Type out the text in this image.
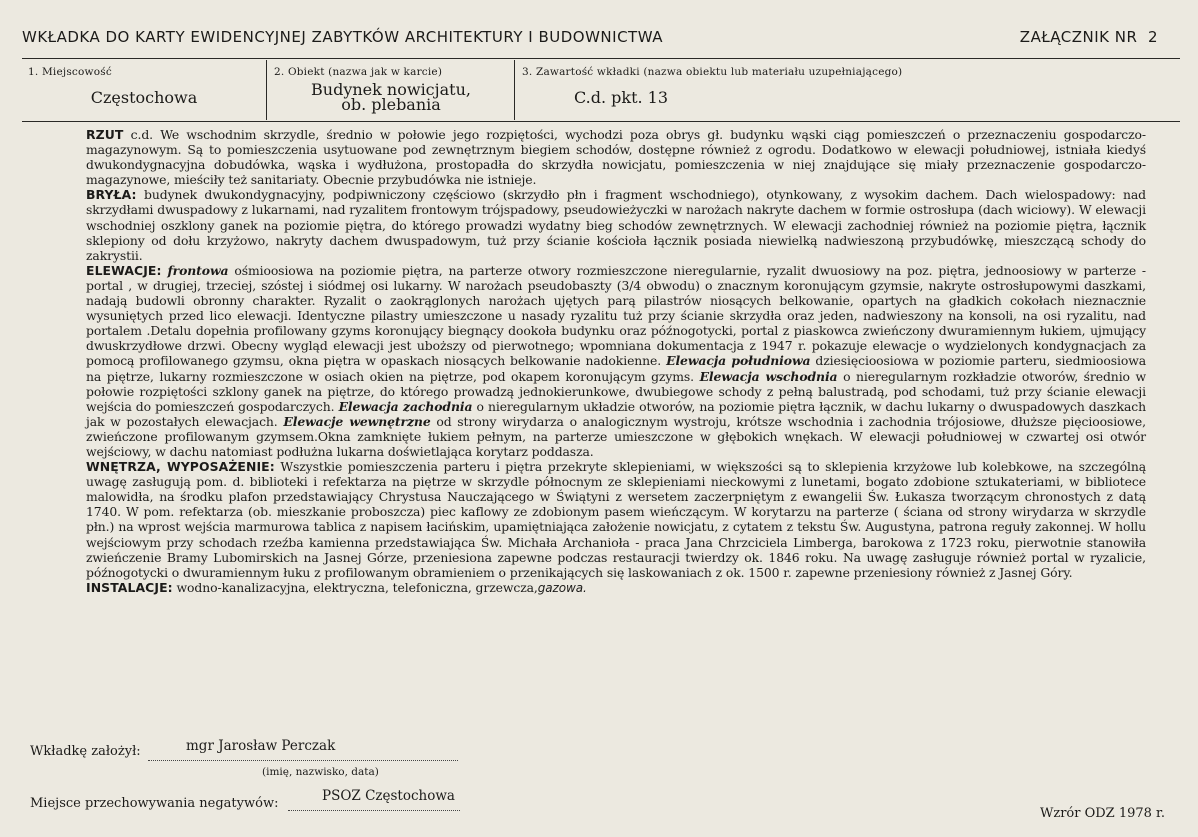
WKŁADKA DO KARTY EWIDENCYJNEJ ZABYTKÓW ARCHITEKTURY I BUDOWNICTWA	ZAŁĄCZNIK NR 2
1. Miejscowość
Częstochowa
2. Obiekt (nazwa jak w karcie)
Budynek nowicjatu,
ob. plebania
3. Zawartość wkładki (nazwa obiektu lub materiału uzupełniającego)
C.d. pkt. 13

RZUT c.d. We wschodnim skrzydle, średnio w połowie jego rozpiętości, wychodzi poza obrys gł. budynku wąski ciąg pomieszczeń o przeznaczeniu gospodarczo-magazynowym. Są to pomieszczenia usytuowane pod zewnętrznym biegiem schodów, dostępne również z ogrodu. Dodatkowo w elewacji południowej, istniała kiedyś dwukondygnacyjna dobudówka, wąska i wydłużona, prostopadła do skrzydła nowicjatu, pomieszczenia w niej znajdujące się miały przeznaczenie gospodarczo-magazynowe, mieściły też sanitariaty. Obecnie przybudówka nie istnieje.

BRYŁA: budynek dwukondygnacyjny, podpiwniczony częściowo (skrzydło płn i fragment wschodniego), otynkowany, z wysokim dachem. Dach wielospadowy: nad skrzydłami dwuspadowy z lukarnami, nad ryzalitem frontowym trójspadowy, pseudowieżyczki w narożach nakryte dachem w formie ostrosłupa (dach wiciowy). W elewacji wschodniej oszklony ganek na poziomie piętra, do którego prowadzi wydatny bieg schodów zewnętrznych. W elewacji zachodniej również na poziomie piętra, łącznik sklepiony od dołu krzyżowo, nakryty dachem dwuspadowym, tuż przy ścianie kościoła łącznik posiada niewielką nadwieszoną przybudówkę, mieszczącą schody do zakrystii.

ELEWACJE: frontowa ośmioosiowa na poziomie piętra, na parterze otwory rozmieszczone nieregularnie, ryzalit dwuosiowy na poz. piętra, jednoosiowy w parterze - portal , w drugiej, trzeciej, szóstej i siódmej osi lukarny. W narożach pseudobaszty (3/4 obwodu) o znacznym koronującym gzymsie, nakryte ostrosłupowymi daszkami, nadają budowli obronny charakter. Ryzalit o zaokrąglonych narożach ujętych parą pilastrów niosących belkowanie, opartych na gładkich cokołach nieznacznie wysuniętych przed lico elewacji. Identyczne pilastry umieszczone u nasady ryzalitu tuż przy ścianie skrzydła oraz jeden, nadwieszony na konsoli, na osi ryzalitu, nad portalem .Detalu dopełnia profilowany gzyms koronujący biegnący dookoła budynku oraz późnogotycki, portal z piaskowca zwieńczony dwuramiennym łukiem, ujmujący dwuskrzydłowe drzwi. Obecny wygląd elewacji jest uboższy od pierwotnego; wpomniana dokumentacja z 1947 r. pokazuje elewacje o wydzielonych kondygnacjach za pomocą profilowanego gzymsu, okna piętra w opaskach niosących belkowanie nadokienne. Elewacja południowa dziesięcioosiowa w poziomie parteru, siedmioosiowa na piętrze, lukarny rozmieszczone w osiach okien na piętrze, pod okapem koronującym gzyms. Elewacja wschodnia o nieregularnym rozkładzie otworów, średnio w połowie rozpiętości szklony ganek na piętrze, do którego prowadzą jednokierunkowe, dwubiegowe schody z pełną balustradą, pod schodami, tuż przy ścianie elewacji wejścia do pomieszczeń gospodarczych. Elewacja zachodnia o nieregularnym układzie otworów, na poziomie piętra łącznik, w dachu lukarny o dwuspadowych daszkach jak w pozostałych elewacjach. Elewacje wewnętrzne od strony wirydarza o analogicznym wystroju, krótsze wschodnia i zachodnia trójosiowe, dłuższe pięcioosiowe, zwieńczone profilowanym gzymsem.Okna zamknięte łukiem pełnym, na parterze umieszczone w głębokich wnękach. W elewacji południowej w czwartej osi otwór wejściowy, w dachu natomiast podłużna lukarna doświetlająca korytarz poddasza.

WNĘTRZA, WYPOSAŻENIE: Wszystkie pomieszczenia parteru i piętra przekryte sklepieniami, w większości są to sklepienia krzyżowe lub kolebkowe, na szczególną uwagę zasługują pom. d. biblioteki i refektarza na piętrze w skrzydle północnym ze sklepieniami nieckowymi z lunetami, bogato zdobione sztukateriami, w bibliotece malowidła, na środku plafon przedstawiający Chrystusa Nauczającego w Świątyni z wersetem zaczerpniętym z ewangelii Św. Łukasza tworzącym chronostych z datą 1740. W pom. refektarza (ob. mieszkanie proboszcza) piec kaflowy ze zdobionym pasem wieńczącym. W korytarzu na parterze ( ściana od strony wirydarza w skrzydle płn.) na wprost wejścia marmurowa tablica z napisem łacińskim, upamiętniająca założenie nowicjatu, z cytatem z tekstu Św. Augustyna, patrona reguły zakonnej. W hollu wejściowym przy schodach rzeźba kamienna przedstawiająca Św. Michała Archanioła - praca Jana Chrzciciela Limberga, barokowa z 1723 roku, pierwotnie stanowiła zwieńczenie Bramy Lubomirskich na Jasnej Górze, przeniesiona zapewne podczas restauracji twierdzy ok. 1846 roku. Na uwagę zasługuje również portal w ryzalicie, późnogotycki o dwuramiennym łuku z profilowanym obramieniem o przenikających się laskowaniach z ok. 1500 r. zapewne przeniesiony również z Jasnej Góry.

INSTALACJE: wodno-kanalizacyjna, elektryczna, telefoniczna, grzewcza,gazowa.

Wkładkę założył:	mgr Jarosław Perczak
(imię, nazwisko, data)
Miejsce przechowywania negatywów:	PSOZ Częstochowa
Wzrór ODZ 1978 r.
